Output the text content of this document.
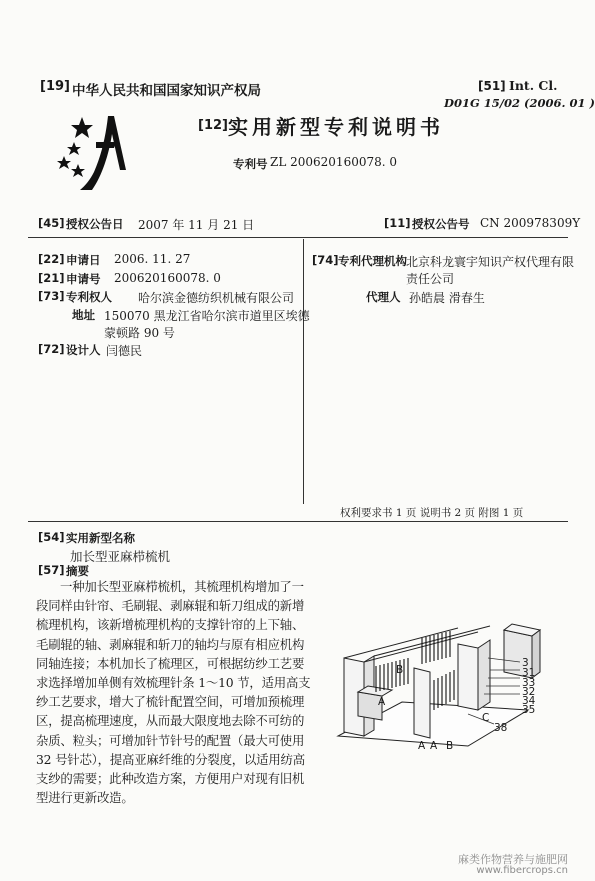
[19] 中华人民共和国国家知识产权局	[51] Int. Cl.
D01G 15/02 (2006. 01 )
[12] 实用新型专利说明书
专利号 ZL 200620160078. 0
[45] 授权公告日 2007 年 11 月 21 日	[11] 授权公告号 CN 200978309Y
[22] 申请日 2006. 11. 27
[21] 申请号 200620160078. 0
[73] 专利权人 哈尔滨金德纺织机械有限公司
地址 150070 黑龙江省哈尔滨市道里区埃德
蒙顿路 90 号
[72] 设计人 闫德民
[74] 专利代理机构 北京科龙寰宇知识产权代理有限
责任公司
代理人 孙皓晨 滑春生
权利要求书 1 页 说明书 2 页 附图 1 页
[54] 实用新型名称
加长型亚麻栉梳机
[57] 摘要
一种加长型亚麻栉梳机，其梳理机构增加了一
段同样由针帘、毛刷辊、剥麻辊和斩刀组成的新增
梳理机构，该新增梳理机构的支撑针帘的上下轴、
毛刷辊的轴、剥麻辊和斩刀的轴均与原有相应机构
同轴连接；本机加长了梳理区，可根据纺纱工艺要
求选择增加单侧有效梳理针条 1～10 节，适用高支
纱工艺要求，增大了梳针配置空间，可增加预梳理
区，提高梳理速度，从而最大限度地去除不可纺的
杂质、粒头；可增加针节针号的配置（最大可使用
32 号针芯），提高亚麻纤维的分裂度，以适用纺高
支纱的需要；此种改造方案，方便用户对现有旧机
型进行更新改造。
3
31
33
32
34
35
38
C
A A B
B
A
麻类作物营养与施肥网
www.fibercrops.cn
